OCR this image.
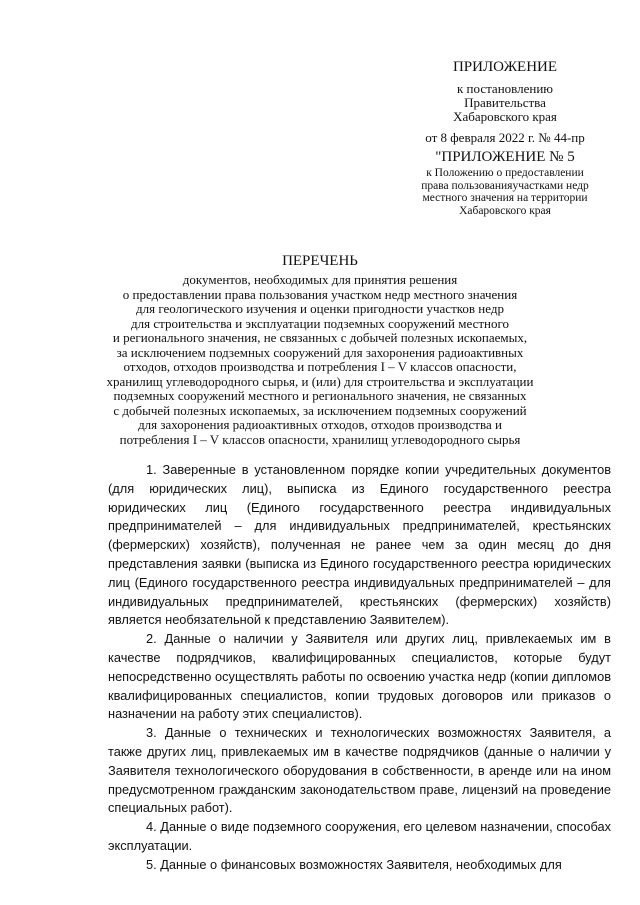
ПРИЛОЖЕНИЕ
к постановлению
Правительства
Хабаровского края
от 8 февраля 2022 г. № 44-пр
"ПРИЛОЖЕНИЕ № 5
к Положению о предоставлении
права пользованияучастками недр
местного значения на территории
Хабаровского края
ПЕРЕЧЕНЬ
документов, необходимых для принятия решения
о предоставлении права пользования участком недр местного значения
для геологического изучения и оценки пригодности участков недр
для строительства и эксплуатации подземных сооружений местного
и регионального значения, не связанных с добычей полезных ископаемых,
за исключением подземных сооружений для захоронения радиоактивных
отходов, отходов производства и потребления I – V классов опасности,
хранилищ углеводородного сырья, и (или) для строительства и эксплуатации
подземных сооружений местного и регионального значения, не связанных
с добычей полезных ископаемых, за исключением подземных сооружений
для захоронения радиоактивных отходов, отходов производства и
потребления I – V классов опасности, хранилищ углеводородного сырья

1. Заверенные в установленном порядке копии учредительных документов (для юридических лиц), выписка из Единого государственного реестра юридических лиц (Единого государственного реестра индивидуальных предпринимателей – для индивидуальных предпринимателей, крестьянских (фермерских) хозяйств), полученная не ранее чем за один месяц до дня представления заявки (выписка из Единого государственного реестра юридических лиц (Единого государственного реестра индивидуальных предпринимателей – для индивидуальных предпринимателей, крестьянских (фермерских) хозяйств) является необязательной к представлению Заявителем).

2. Данные о наличии у Заявителя или других лиц, привлекаемых им в качестве подрядчиков, квалифицированных специалистов, которые будут непосредственно осуществлять работы по освоению участка недр (копии дипломов квалифицированных специалистов, копии трудовых договоров или приказов о назначении на работу этих специалистов).

3. Данные о технических и технологических возможностях Заявителя, а также других лиц, привлекаемых им в качестве подрядчиков (данные о наличии у Заявителя технологического оборудования в собственности, в аренде или на ином предусмотренном гражданским законодательством праве, лицензий на проведение специальных работ).

4. Данные о виде подземного сооружения, его целевом назначении, способах эксплуатации.

5. Данные о финансовых возможностях Заявителя, необходимых для
